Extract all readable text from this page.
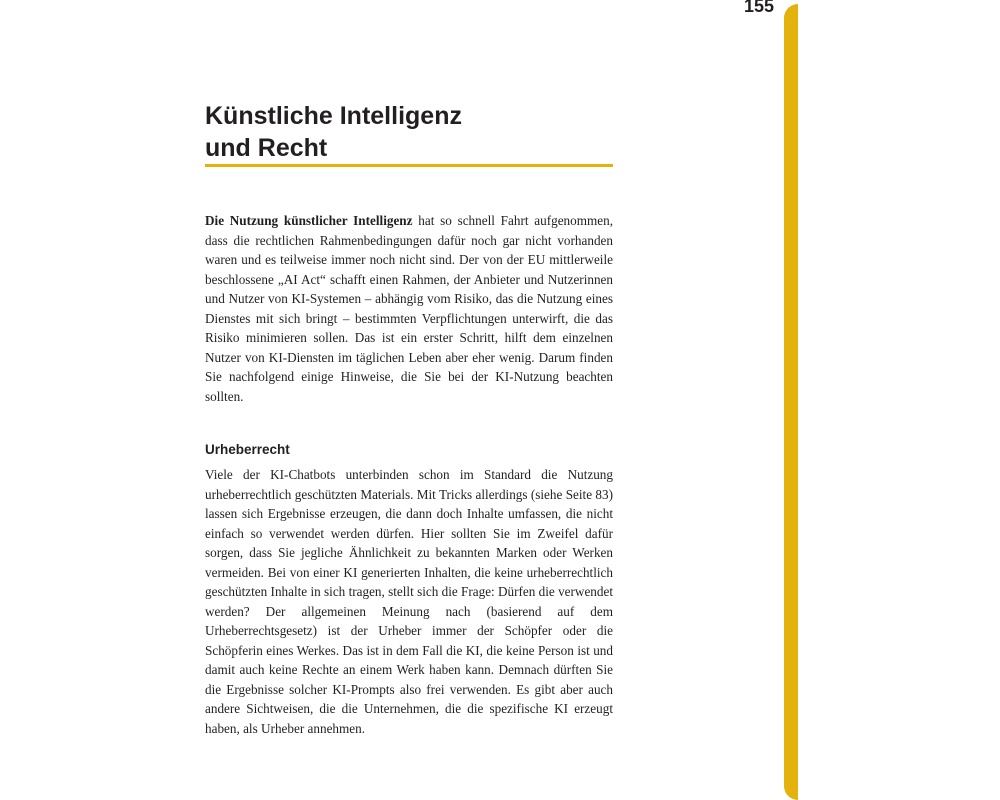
155
Künstliche Intelligenz
und Recht

Die Nutzung künstlicher Intelligenz hat so schnell Fahrt aufgenommen, dass die rechtlichen Rahmenbedingungen dafür noch gar nicht vorhanden waren und es teilweise immer noch nicht sind. Der von der EU mittlerweile beschlossene „AI Act“ schafft einen Rahmen, der Anbieter und Nutzerinnen und Nutzer von KI-Systemen – abhängig vom Risiko, das die Nutzung eines Dienstes mit sich bringt – bestimmten Verpflichtungen unterwirft, die das Risiko minimieren sollen. Das ist ein erster Schritt, hilft dem einzelnen Nutzer von KI-Diensten im täglichen Leben aber eher wenig. Darum finden Sie nachfolgend einige Hinweise, die Sie bei der KI-Nutzung beachten sollten.

Urheberrecht

Viele der KI-Chatbots unterbinden schon im Standard die Nutzung urheberrechtlich geschützten Materials. Mit Tricks allerdings (siehe Seite 83) lassen sich Ergebnisse erzeugen, die dann doch Inhalte umfassen, die nicht einfach so verwendet werden dürfen. Hier sollten Sie im Zweifel dafür sorgen, dass Sie jegliche Ähnlichkeit zu bekannten Marken oder Werken vermeiden. Bei von einer KI generierten Inhalten, die keine urheberrechtlich geschützten Inhalte in sich tragen, stellt sich die Frage: Dürfen die verwendet werden? Der allgemeinen Meinung nach (basierend auf dem Urheberrechtsgesetz) ist der Urheber immer der Schöpfer oder die Schöpferin eines Werkes. Das ist in dem Fall die KI, die keine Person ist und damit auch keine Rechte an einem Werk haben kann. Demnach dürften Sie die Ergebnisse solcher KI-Prompts also frei verwenden. Es gibt aber auch andere Sichtweisen, die die Unternehmen, die die spezifische KI erzeugt haben, als Urheber annehmen.
